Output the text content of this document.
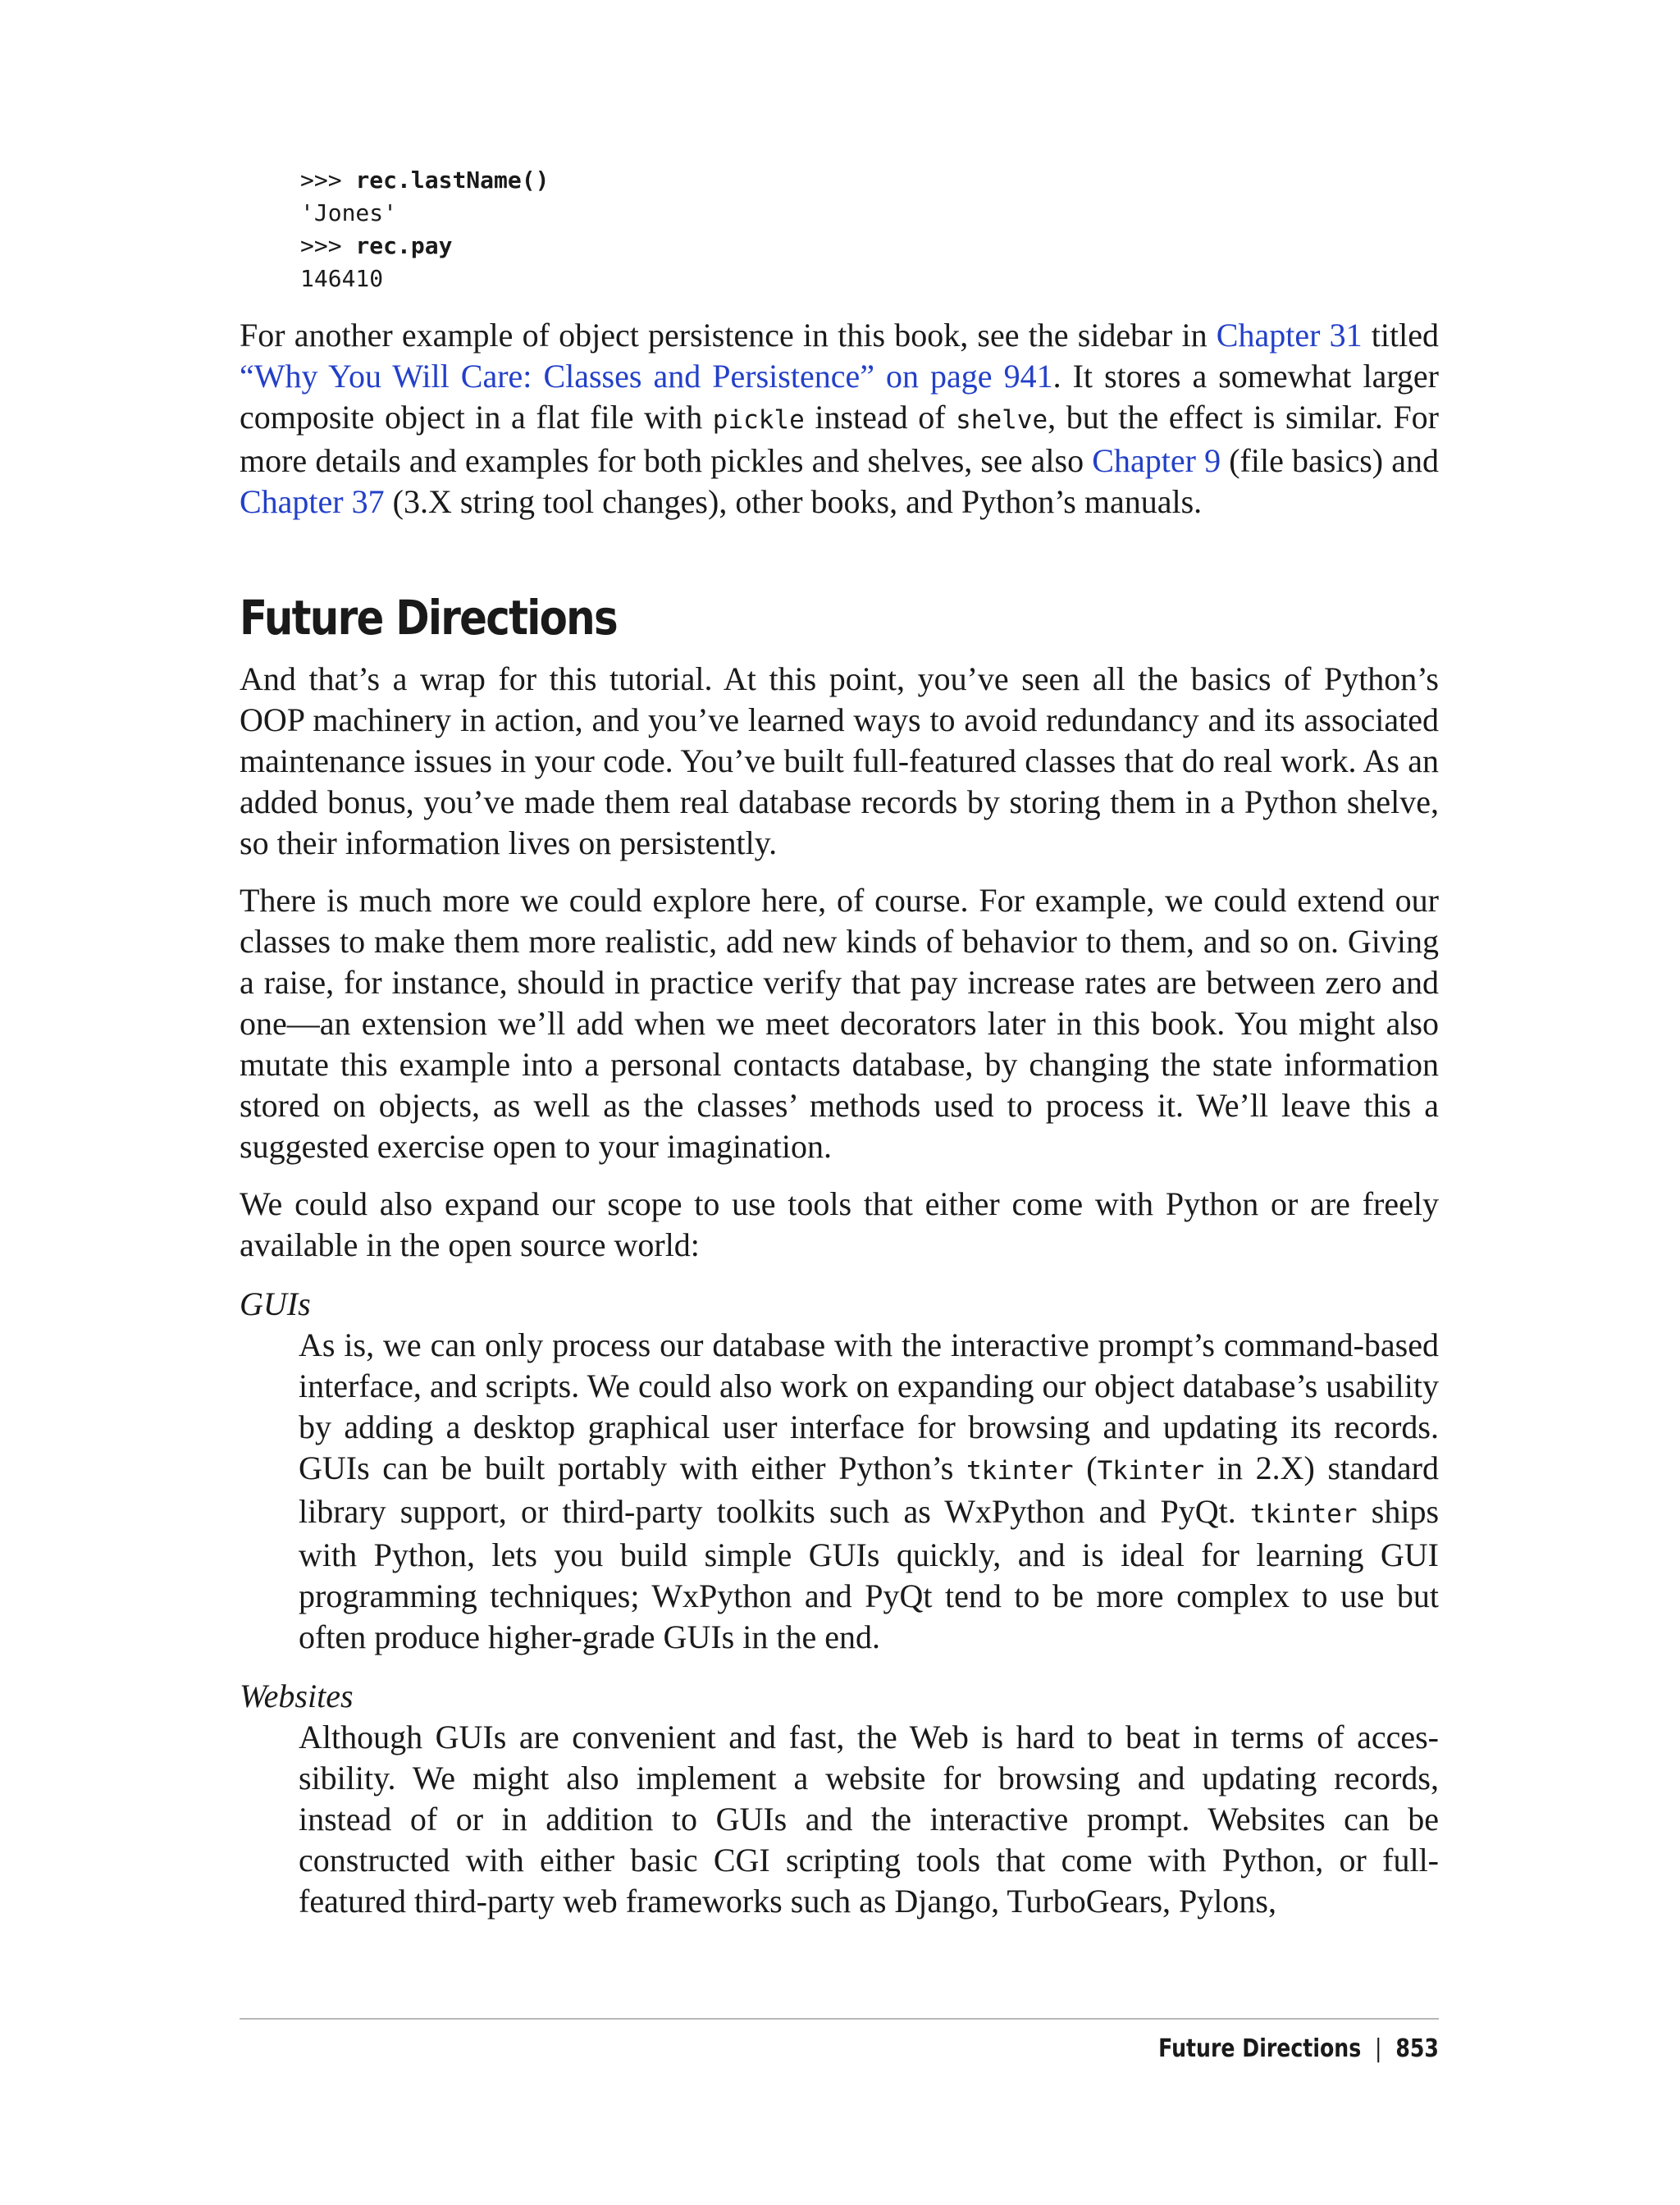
>>> rec.lastName()
'Jones'
>>> rec.pay
146410

For another example of object persistence in this book, see the sidebar in Chapter 31 titled “Why You Will Care: Classes and Persistence” on page 941. It stores a somewhat larger composite object in a flat file with pickle instead of shelve, but the effect is similar. For more details and examples for both pickles and shelves, see also Chapter 9 (file basics) and Chapter 37 (3.X string tool changes), other books, and Python’s manuals.

Future Directions

And that’s a wrap for this tutorial. At this point, you’ve seen all the basics of Python’s OOP machinery in action, and you’ve learned ways to avoid redundancy and its associated maintenance issues in your code. You’ve built full-featured classes that do real work. As an added bonus, you’ve made them real database records by storing them in a Python shelve, so their information lives on persistently.

There is much more we could explore here, of course. For example, we could extend our classes to make them more realistic, add new kinds of behavior to them, and so on. Giving a raise, for instance, should in practice verify that pay increase rates are between zero and one—an extension we’ll add when we meet decorators later in this book. You might also mutate this example into a personal contacts database, by changing the state information stored on objects, as well as the classes’ methods used to process it. We’ll leave this a suggested exercise open to your imagination.

We could also expand our scope to use tools that either come with Python or are freely available in the open source world:

GUIs
As is, we can only process our database with the interactive prompt’s command-based interface, and scripts. We could also work on expanding our object database’s usability by adding a desktop graphical user interface for browsing and updating its records. GUIs can be built portably with either Python’s tkinter (Tkinter in 2.X) standard library support, or third-party toolkits such as WxPython and PyQt. tkinter ships with Python, lets you build simple GUIs quickly, and is ideal for learning GUI programming techniques; WxPython and PyQt tend to be more complex to use but often produce higher-grade GUIs in the end.
Websites
Although GUIs are convenient and fast, the Web is hard to beat in terms of accessibility. We might also implement a website for browsing and updating records, instead of or in addition to GUIs and the interactive prompt. Websites can be constructed with either basic CGI scripting tools that come with Python, or full-featured third-party web frameworks such as Django, TurboGears, Pylons,
Future Directions | 853
